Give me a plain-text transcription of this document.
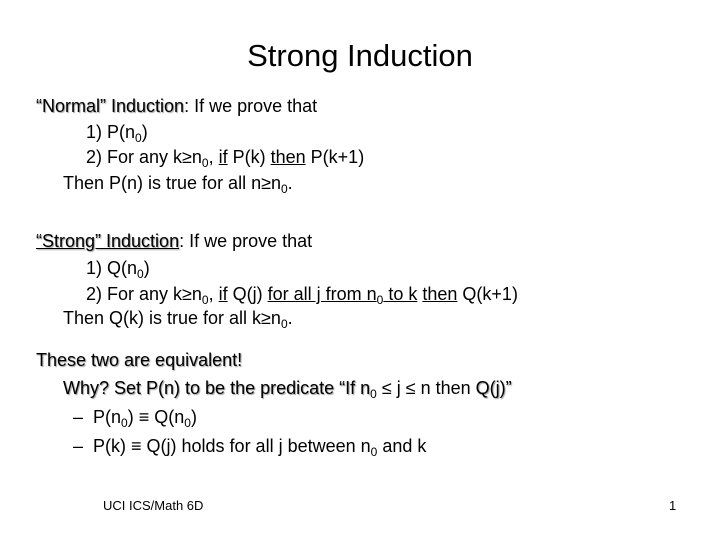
Strong Induction
“Normal” Induction: If we prove that
1) $P(n_0)$
2) For any $k\ge n_0$, if P(k) then P(k+1)
Then P(n) is true for all $n\ge n_0$.
“Strong” Induction: If we prove that
1) $Q(n_0)$
2) For any $k\ge n_0$, if Q(j) for all j from $n_0$ to k then Q(k+1)
Then Q(k) is true for all $k\ge n_0$.
These two are equivalent!
Why? Set P(n) to be the predicate “If $n_0 \le j \le n$ then Q(j)”
– $P(n_0) \equiv Q(n_0)$
– P(k) ≡ Q(j) holds for all j between $n_0$ and k
UCI ICS/Math 6D	1
